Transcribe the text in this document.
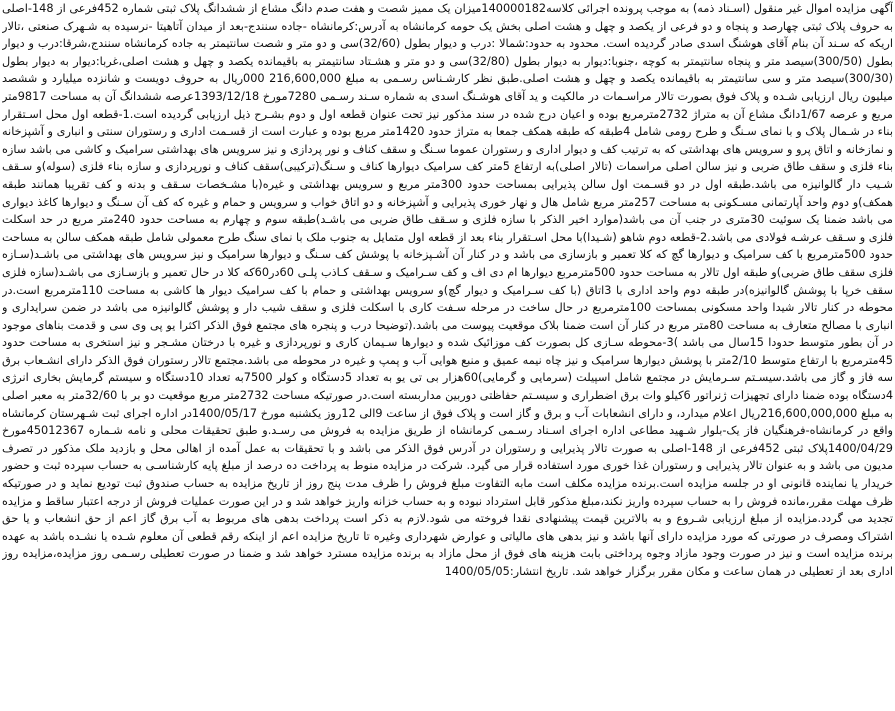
آگهی مزایده اموال غیر منقول (اسـناد ذمه) به موجب پرونده اجرائی کلاسه140000182میزان یک ممیز شصت و هفت صدم دانگ مشاع از ششدانگ پلاک ثبتی شماره 452فرعی از 148-اصلی به حروف پلاک ثبتی چهارصد و پنجاه و دو فرعی از یکصد و چهل و هشت اصلی بخش یک حومه کرمانشاه به آدرس:کرمانشاه -جاده سنندج-بعد از میدان آتاهیتا -نرسیده به شـهرک صنعتی ،تالار اریکه که سـند آن بنام آقای هوشنگ اسدی صادر گردیده است. محدود به حدود:شمالا :درب و دیوار بطول (32/60)سی و دو متر و شصت سانتیمتر به جاده کرمانشاه سنندج،شرقا:درب و دیوار بطول (300/50)سیصد متر و پنجاه سانتیمتر به کوچه ،جنوبا:دیوار به دیوار بطول (32/80)سی و دو متر و هشـتاد سانتیمتر به باقیمانده یکصد و چهل و هشت اصلی،غربا:دیوار به دیوار بطول (300/30)سیصد متر و سی سانتیمتر به باقیمانده یکصد و چهل و هشت اصلی.طبق نظر کارشـناس رسـمی به مبلغ 216,600,000 000ریال به حروف دویست و شانزده میلیارد و ششصد میلیون ریال ارزیابی شـده و پلاک فوق بصورت تالار مراسـمات در مالکیت و ید آقای هوشـنگ اسدی به شماره سـند رسـمی 7280مورخ 1393/12/18عرصه ششدانگ آن به مساحت 9817متر مربع و عرصه 1/67دانگ مشاع آن به متراژ 2732مترمربع بوده و اعیان درج شده در سند مذکور نیز تحت عنوان قطعه اول و دوم بشـرح ذیل ارزیابی گردیده است.1-قطعه اول محل اسـتقرار بناء در شـمال پلاک و با نمای سـنگ و طرح رومی شامل 4طبقه که طبقه همکف جمعا به متراژ حدود 1420متر مربع بوده و عبارت است از قسـمت اداری و رستوران سنتی و انباری و آشپزخانه و نمازخانه و اتاق پرو و سرویس های بهداشتی که به ترتیب کف و دیوار اداری و رستوران عموما سـنگ و سقف کناف و نور پردازی و نیز سرویس های بهداشتی سرامیک و کاشی می باشد سازه بناء فلزی و سقف طاق ضربی و نیز سالن اصلی مراسمات (تالار اصلی)به ارتفاع 5متر کف سرامیک دیوارها کناف و سـنگ(ترکیبی)سقف کناف و نورپردازی و سازه بناء فلزی (سوله)و سـقف شـیب دار گالوانیزه می باشد.طبقه اول در دو قسـمت اول سالن پذیرایی بمساحت حدود 300متر مربع و سرویس بهداشتی و غیره(با مشـخصات سـقف و بدنه و کف تقریبا همانند طبقه همکف)و دوم واحد آپارتمانی مسـکونی به مساحت 257متر مربع شامل هال و نهار خوری پذیرایی و آشپزخانه و دو اتاق خواب و سرویس و حمام و غیره که کف آن سـنگ و دیوارها کاغذ دیواری می باشد ضمنا یک سوئیت 30متری در جنب آن می باشد(موارد اخیر الذکر با سازه فلزی و سـقف طاق ضربی می باشـد)طبقه سوم و چهارم به مساحت حدود 240متر مربع در حد اسکلت فلزی و سـقف عرشـه فولادی می باشد.2-قطعه دوم شاهو (شـیدا)با محل اسـتقرار بناء بعد از قطعه اول متمایل به جنوب ملک با نمای سنگ طرح معمولی شامل طبقه همکف سالن به مساحت حدود 500مترمربع با کف سرامیک و دیوارها گچ که کلا تعمیر و بازسازی می باشد و در کنار آن آشـپزخانه با پوشش کف سـنگ و دیوارها سرامیک و نیز سرویس های بهداشتی می باشـد(سـازه فلزی سقف طاق ضربی)و طبقه اول تالار به مساحت حدود 500مترمربع دیوارها ام دی اف و کف سـرامیک و سـقف کـاذب پلـی 60در60که کلا در حال تعمیر و بازسـازی می باشـد(سازه فلزی سقف خرپا با پوشش گالوانیزه)در طبقه دوم واحد اداری با 3اتاق (با کف سـرامیک و دیوار گچ)و سرویس بهداشتی و حمام با کف سرامیک دیوار ها کاشی به مساحت 110مترمربع است.در محوطه در کنار تالار شیدا واحد مسکونی بمساحت 100مترمربع در حال ساخت در مرحله سـفت کاری با اسکلت فلزی و سقف شیب دار و پوشش گالوانیزه می باشد در ضمن سرایداری و انباری با مصالح متعارف به مساحت 80متر مربع در کنار آن است ضمنا بلاک موقعیت پیوست می باشد.(توضیحا درب و پنجره های مجتمع فوق الذکر اکثرا یو پی وی سی و قدمت بناهای موجود در آن بطور متوسط حدودا 15سال می باشد )3-محوطه سـازی کل بصورت کف موزائیک شده و دیوارها سـیمان کاری و نورپردازی و غیره با درختان مشـجر و نیز استخری به مساحت حدود 45مترمربع با ارتفاع متوسط 2/10متر با پوشش دیوارها سرامیک و نیز چاه نیمه عمیق و منبع هوایی آب و پمپ و غیره در محوطه می باشد.مجتمع تالار رستوران فوق الذکر دارای انشـعاب برق سه فاز و گاز می باشد.سیسـتم سـرمایش در مجتمع شامل اسپیلت (سرمایی و گرمایی)60هزار بی تی یو به تعداد 5دستگاه و کولر 7500به تعداد 10دستگاه و سیستم گرمایش بخاری انرژی 4دستگاه بوده ضمنا دارای تجهیزات ژنراتور 6کیلو وات برق اضطراری و سیسـتم حفاظتی دوربین مداربسته است.در صورتیکه مساحت 2732متر مربع موقعیت دو بر با 32/60متر به معبر اصلی به مبلغ 216,600,000,000ریال اعلام میدارد، و دارای انشعابات آب و برق و گاز است و پلاک فوق از ساعت 9الی 12روز یکشنبه مورخ 1400/05/17در اداره اجرای ثبت شـهرستان کرمانشاه واقع در کرمانشاه-فرهنگیان فاز یک-بلوار شـهید مطاعی اداره اجرای اسـناد رسـمی کرمانشاه از طریق مزایده به فروش می رسـد.و طبق تحقیقات محلی و نامه شـماره 45012367مورخ 1400/04/29پلاک ثبتی 452فرعی از 148-اصلی به صورت تالار پذیرایی و رستوران در آدرس فوق الذکر می باشد و با تحقیقات به عمل آمده از اهالی محل و بازدید ملک مذکور در تصرف مدیون می باشد و به عنوان تالار پذیرایی و رستوران غذا خوری مورد استفاده قرار می گیرد. شرکت در مزایده منوط به پرداخت ده درصد از مبلغ پایه کارشناسـی به حساب سپرده ثبت و حضور خریدار یا نماینده قانونی او در جلسه مزایده است.برنده مزایده مکلف است مابه التفاوت مبلغ فروش را ظرف مدت پنج روز از تاریخ مزایده به حساب صندوق ثبت تودیع نماید و در صورتیکه ظرف مهلت مقرر،مانده فروش را به حساب سپرده واریز نکند،مبلغ مذکور قابل استرداد نبوده و به حساب خزانه واریز خواهد شد و در این صورت عملیات فروش از درجه اعتبار ساقط و مزایده تجدید می گردد.مزایده از مبلغ ارزیابی شـروع و به بالاترین قیمت پیشنهادی نقدا فروخته می شود.لازم به ذکر است پرداخت بدهی های مربوط به آب برق گاز اعم از حق انشعاب و یا حق اشتراک ومصرف در صورتی که مورد مزایده دارای آنها باشد و نیز بدهی های مالیاتی و عوارض شهرداری وغیره تا تاریخ مزایده اعم از اینکه رقم قطعی آن معلوم شـده یا نشـده باشد به عهده برنده مزایده است و نیز در صورت وجود مازاد وجوه پرداختی بابت هزینه های فوق از محل مازاد به برنده مزایده مسترد خواهد شد و ضمنا در صورت تعطیلی رسـمی روز مزایده،مزایده روز اداری بعد از تعطیلی در همان ساعت و مکان مقرر برگزار خواهد شد. تاریخ انتشار:1400/05/05
